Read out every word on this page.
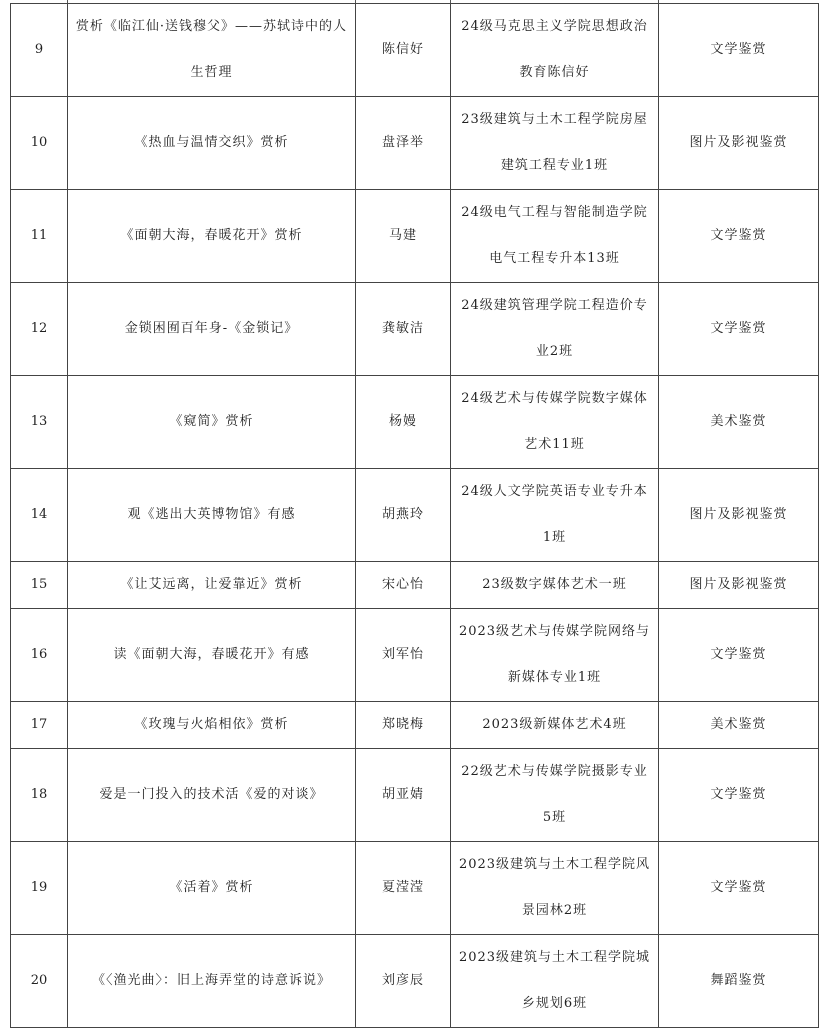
9	赏析《临江仙·送钱穆父》——苏轼诗中的人生哲理	陈信好	24级马克思主义学院思想政治教育陈信好	文学鉴赏

10	《热血与温情交织》赏析	盘泽举	23级建筑与土木工程学院房屋建筑工程专业1班	图片及影视鉴赏

11	《面朝大海，春暖花开》赏析	马建	24级电气工程与智能制造学院电气工程专升本13班	文学鉴赏

12	金锁困囿百年身-《金锁记》	龚敏洁	24级建筑管理学院工程造价专业2班	文学鉴赏

13	《窥简》赏析	杨嫚	24级艺术与传媒学院数字媒体艺术11班	美术鉴赏

14	观《逃出大英博物馆》有感	胡燕玲	24级人文学院英语专业专升本1班	图片及影视鉴赏

15	《让艾远离，让爱靠近》赏析	宋心怡	23级数字媒体艺术一班	图片及影视鉴赏

16	读《面朝大海，春暖花开》有感	刘军怡	2023级艺术与传媒学院网络与新媒体专业1班	文学鉴赏

17	《玫瑰与火焰相依》赏析	郑晓梅	2023级新媒体艺术4班	美术鉴赏

18	爱是一门投入的技术活《爱的对谈》	胡亚婧	22级艺术与传媒学院摄影专业5班	文学鉴赏

19	《活着》赏析	夏滢滢	2023级建筑与土木工程学院风景园林2班	文学鉴赏

20	《〈渔光曲〉：旧上海弄堂的诗意诉说》	刘彦辰	2023级建筑与土木工程学院城乡规划6班	舞蹈鉴赏
